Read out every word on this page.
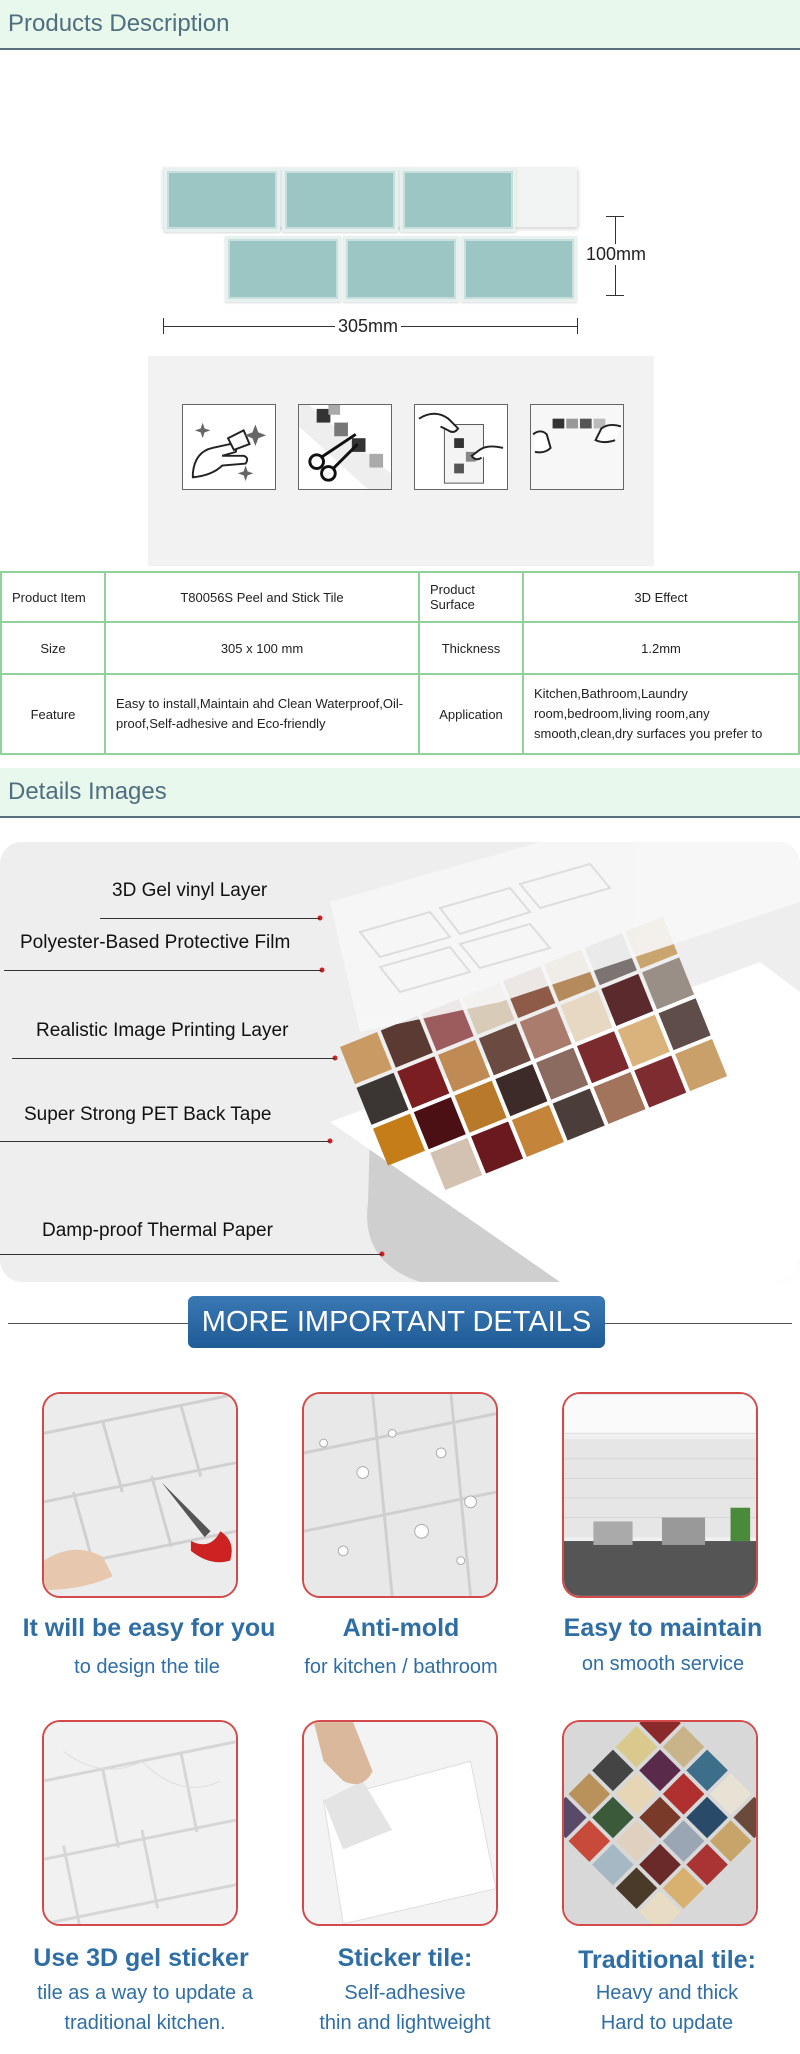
Products Description
100mm
305mm
Product Item	T80056S Peel and Stick Tile	Product Surface	3D Effect
Size	305 x 100 mm	Thickness	1.2mm
Feature	Easy to install,Maintain ahd Clean Waterproof,Oil-proof,Self-adhesive and Eco-friendly	Application	Kitchen,Bathroom,Laundry room,bedroom,living room,any smooth,clean,dry surfaces you prefer to
Details Images
3D Gel vinyl Layer
Polyester-Based Protective Film
Realistic Image Printing Layer
Super Strong PET Back Tape
Damp-proof Thermal Paper
MORE IMPORTANT DETAILS
It will be easy for you
to design the tile
Anti-mold
for kitchen / bathroom
Easy to maintain
on smooth service
Use 3D gel sticker
tile as a way to update a
traditional kitchen.
Sticker tile:
Self-adhesive
thin and lightweight
Traditional tile:
Heavy and thick
Hard to update
